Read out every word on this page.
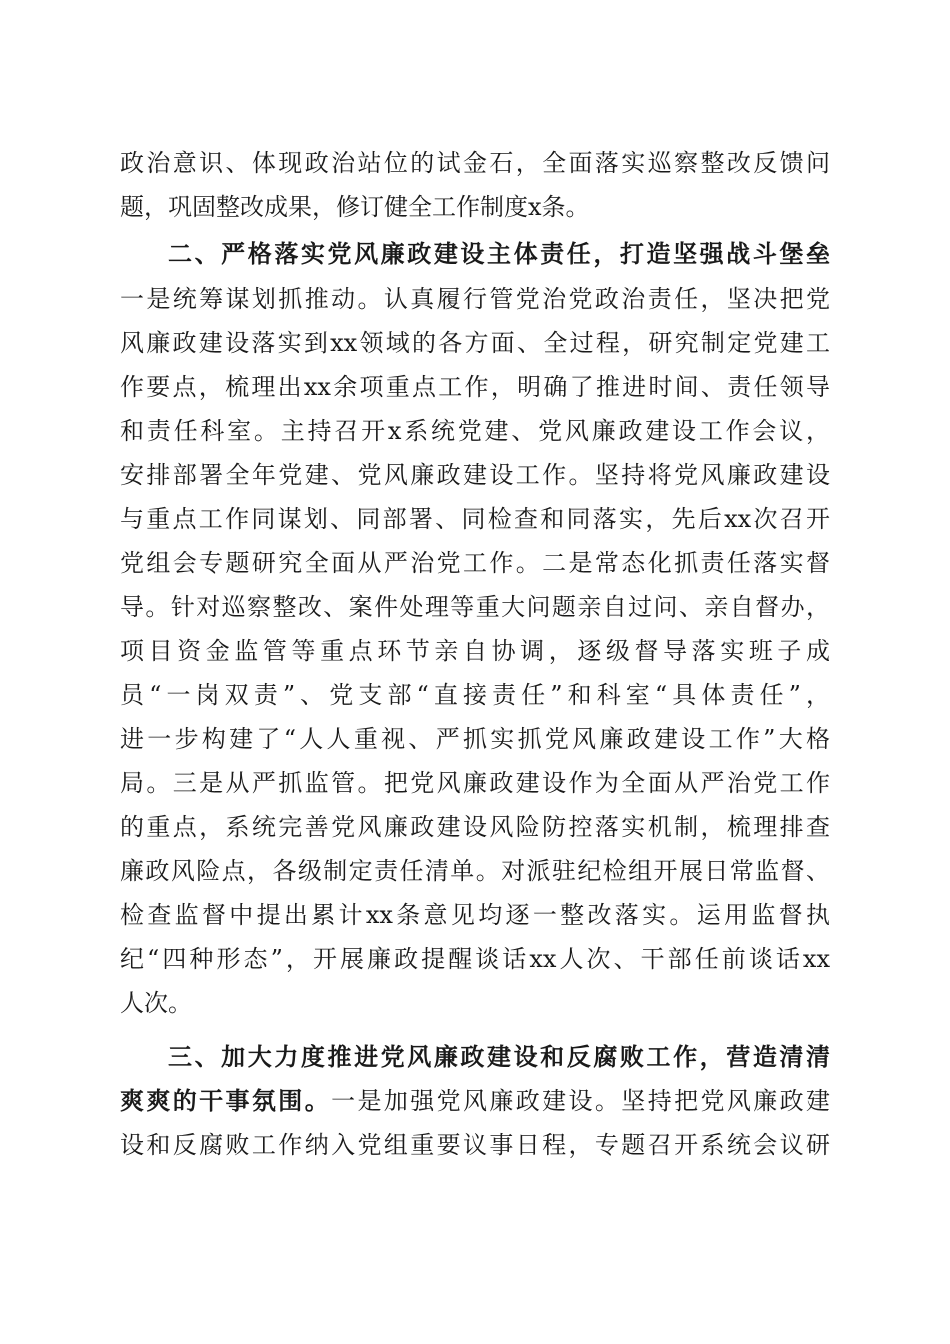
政治意识、体现政治站位的试金石，全面落实巡察整改反馈问
题，巩固整改成果，修订健全工作制度x条。
二、严格落实党风廉政建设主体责任，打造坚强战斗堡垒
一是统筹谋划抓推动。认真履行管党治党政治责任，坚决把党
风廉政建设落实到xx领域的各方面、全过程，研究制定党建工
作要点，梳理出xx余项重点工作，明确了推进时间、责任领导
和责任科室。主持召开x系统党建、党风廉政建设工作会议，
安排部署全年党建、党风廉政建设工作。坚持将党风廉政建设
与重点工作同谋划、同部署、同检查和同落实，先后xx次召开
党组会专题研究全面从严治党工作。二是常态化抓责任落实督
导。针对巡察整改、案件处理等重大问题亲自过问、亲自督办，
项目资金监管等重点环节亲自协调，逐级督导落实班子成
员“一岗双责”、党支部“直接责任”和科室“具体责任”，
进一步构建了“人人重视、严抓实抓党风廉政建设工作”大格
局。三是从严抓监管。把党风廉政建设作为全面从严治党工作
的重点，系统完善党风廉政建设风险防控落实机制，梳理排查
廉政风险点，各级制定责任清单。对派驻纪检组开展日常监督、
检查监督中提出累计xx条意见均逐一整改落实。运用监督执
纪“四种形态”，开展廉政提醒谈话xx人次、干部任前谈话xx
人次。
三、加大力度推进党风廉政建设和反腐败工作，营造清清
爽爽的干事氛围。一是加强党风廉政建设。坚持把党风廉政建
设和反腐败工作纳入党组重要议事日程，专题召开系统会议研
